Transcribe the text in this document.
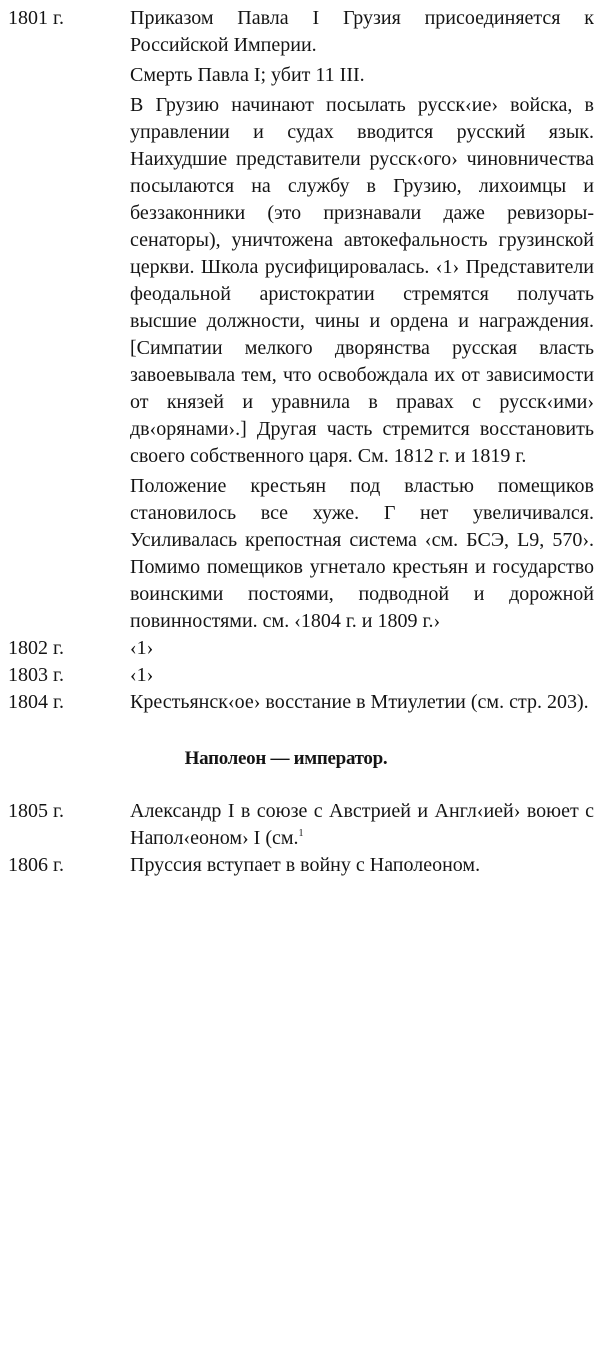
1801 г.	Приказом Павла I Грузия присоединяется к Российской Империи.

Смерть Павла I; убит 11 III.

В Грузию начинают посылать русск‹ие› войска, в управлении и судах вводится русский язык. Наихудшие представители русск‹ого› чиновничества посылаются на службу в Грузию, лихоимцы и беззаконники (это признавали даже ревизоры-сенаторы), уничтожена автокефальность грузинской церкви. Школа русифицировалась. ‹1› Представители феодальной аристократии стремятся получать высшие должности, чины и ордена и награждения. [Симпатии мелкого дворянства русская власть завоевывала тем, что освобождала их от зависимости от князей и уравнила в правах с русск‹ими› дв‹орянами›.] Другая часть стремится восстановить своего собственного царя. См. 1812 г. и 1819 г.

Положение крестьян под властью помещиков становилось все хуже. Г нет увеличивался. Усиливалась крепостная система ‹см. БСЭ, L9, 570›. Помимо помещиков угнетало крестьян и государство воинскими постоями, подводной и дорожной повинностями. см. ‹1804 г. и 1809 г.›

1802 г.	‹1›

1803 г.	‹1›

1804 г.	Крестьянск‹ое› восстание в Мтиулетии (см. стр. 203).

Наполеон — император.
1805 г.	Александр I в союзе с Австрией и Англ‹ией› воюет с Напол‹еоном› I (см.$^1$

1806 г.	Пруссия вступает в войну с Наполеоном.
